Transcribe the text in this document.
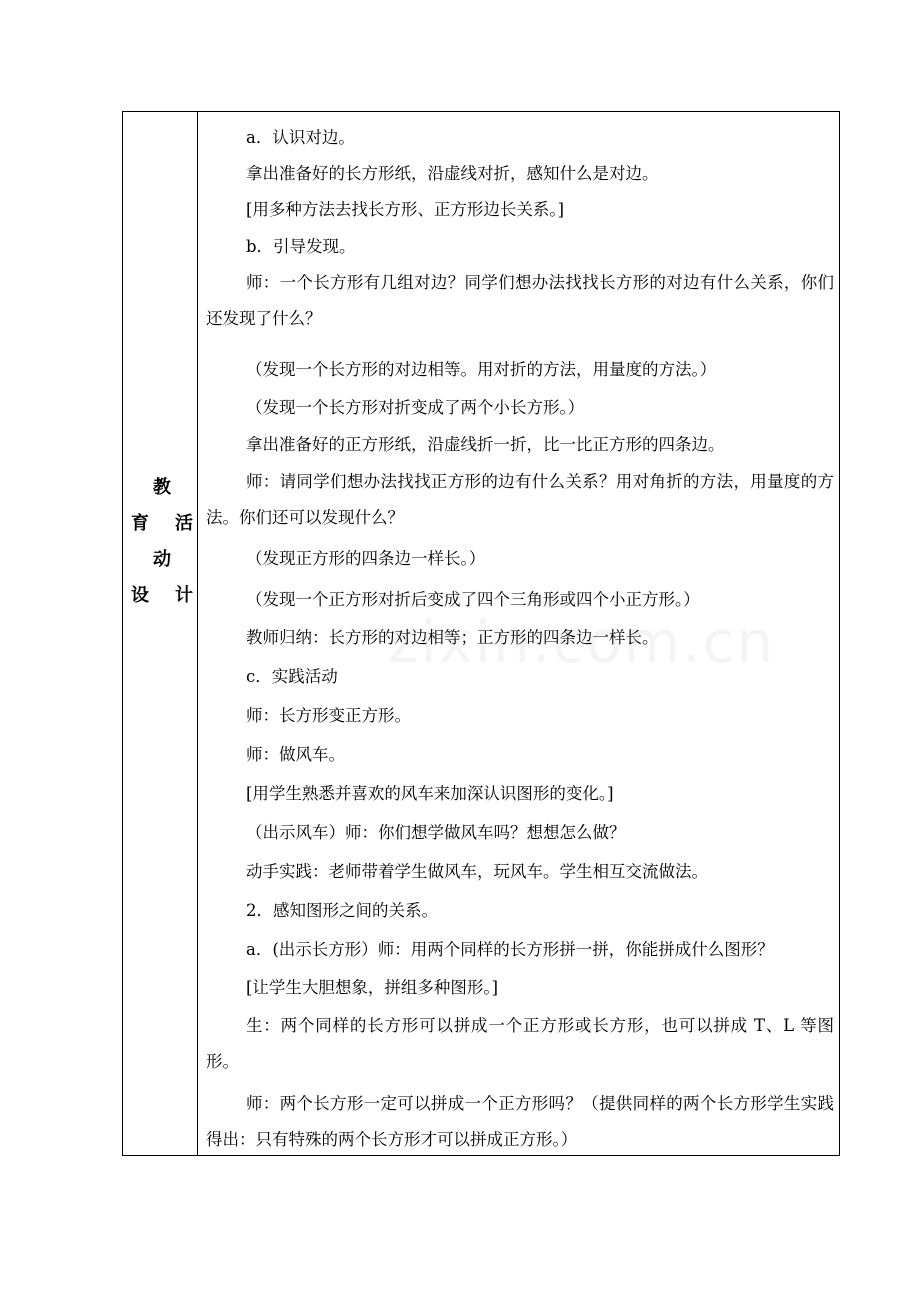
教
育 活
动
设 计
a．认识对边。
拿出准备好的长方形纸，沿虚线对折，感知什么是对边。
[用多种方法去找长方形、正方形边长关系。]
b．引导发现。
师：一个长方形有几组对边？同学们想办法找找长方形的对边有什么关系，你们还发现了什么？
（发现一个长方形的对边相等。用对折的方法，用量度的方法。）
（发现一个长方形对折变成了两个小长方形。）
拿出准备好的正方形纸，沿虚线折一折，比一比正方形的四条边。
师：请同学们想办法找找正方形的边有什么关系？用对角折的方法，用量度的方法。你们还可以发现什么？
（发现正方形的四条边一样长。）
（发现一个正方形对折后变成了四个三角形或四个小正方形。）
教师归纳：长方形的对边相等；正方形的四条边一样长。
c．实践活动
师：长方形变正方形。
师：做风车。
[用学生熟悉并喜欢的风车来加深认识图形的变化。]
（出示风车）师：你们想学做风车吗？想想怎么做？
动手实践：老师带着学生做风车，玩风车。学生相互交流做法。
2．感知图形之间的关系。
a．(出示长方形）师：用两个同样的长方形拼一拼，你能拼成什么图形？
[让学生大胆想象，拼组多种图形。]
生：两个同样的长方形可以拼成一个正方形或长方形，也可以拼成 T、L 等图形。
师：两个长方形一定可以拼成一个正方形吗？（提供同样的两个长方形学生实践得出：只有特殊的两个长方形才可以拼成正方形。）
